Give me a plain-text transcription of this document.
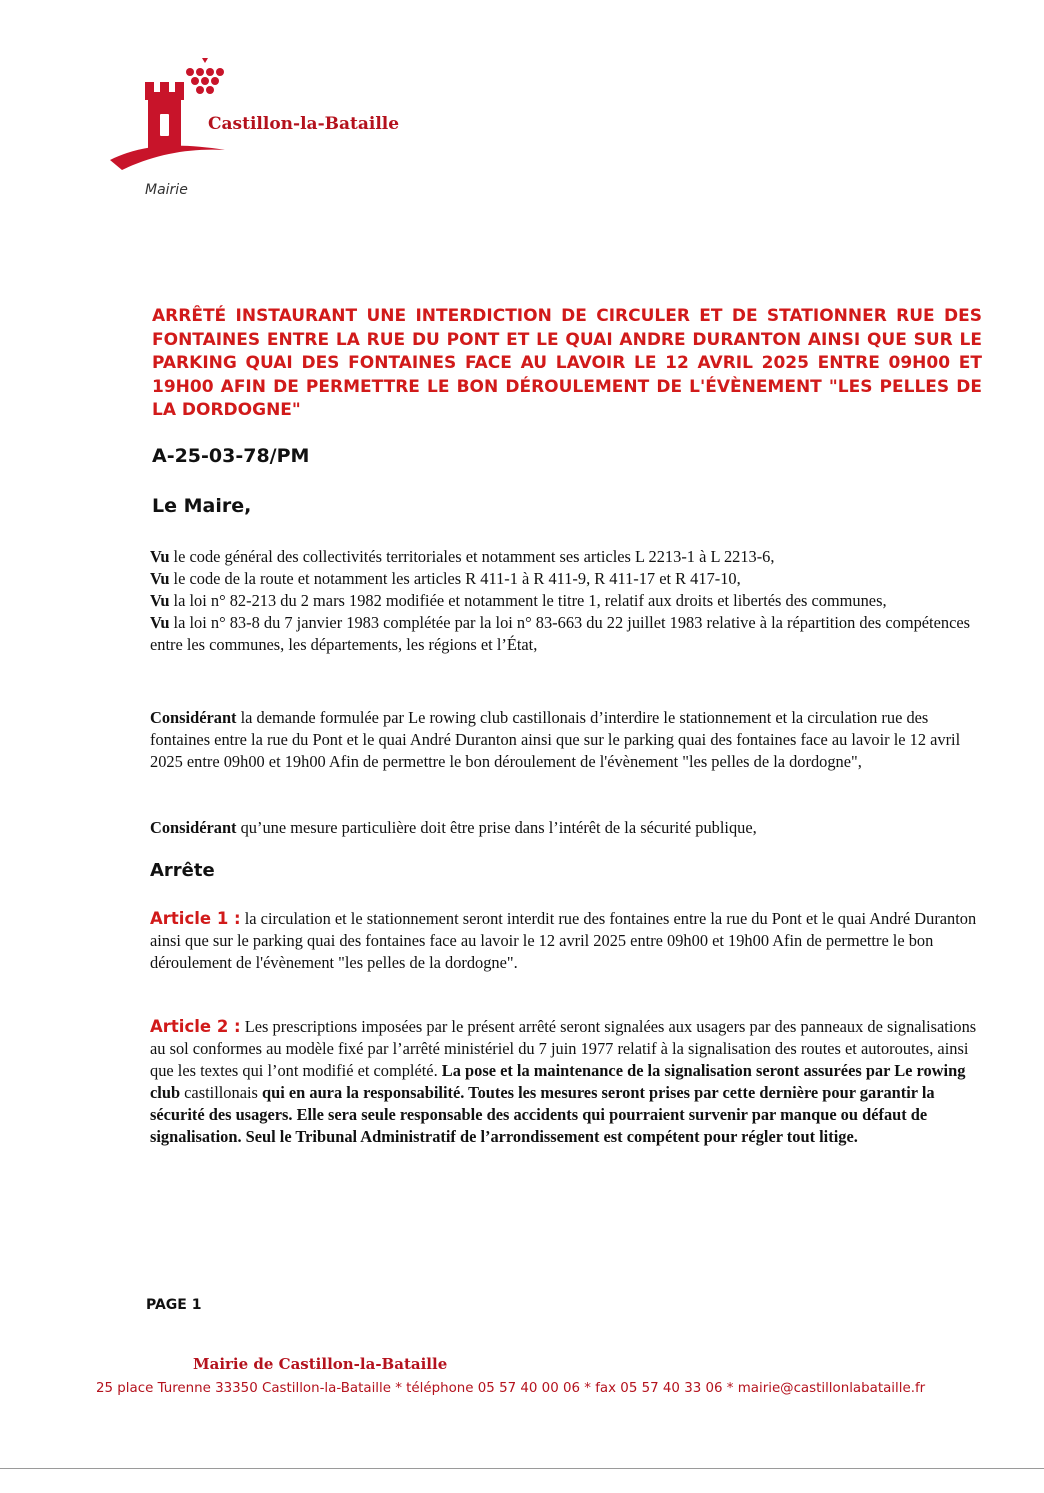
Castillon-la-Bataille
Mairie

ARRÊTÉ INSTAURANT UNE INTERDICTION DE CIRCULER ET DE STATIONNER RUE DES FONTAINES ENTRE LA RUE DU PONT ET LE QUAI ANDRE DURANTON AINSI QUE SUR LE PARKING QUAI DES FONTAINES FACE AU LAVOIR LE 12 AVRIL 2025 ENTRE 09H00 ET 19H00 AFIN DE PERMETTRE LE BON DÉROULEMENT DE L'ÉVÈNEMENT "LES PELLES DE LA DORDOGNE"

A-25-03-78/PM

Le Maire,

Vu le code général des collectivités territoriales et notamment ses articles L 2213-1 à L 2213-6,

Vu le code de la route et notamment les articles R 411-1 à R 411-9, R 411-17 et R 417-10,

Vu la loi n° 82-213 du 2 mars 1982 modifiée et notamment le titre 1, relatif aux droits et libertés des communes,

Vu la loi n° 83-8 du 7 janvier 1983 complétée par la loi n° 83-663 du 22 juillet 1983 relative à la répartition des compétences entre les communes, les départements, les régions et l’État,

Considérant la demande formulée par Le rowing club castillonais d’interdire le stationnement et la circulation rue des fontaines entre la rue du Pont et le quai André Duranton ainsi que sur le parking quai des fontaines face au lavoir le 12 avril 2025 entre 09h00 et 19h00 Afin de permettre le bon déroulement de l'évènement "les pelles de la dordogne",

Considérant qu’une mesure particulière doit être prise dans l’intérêt de la sécurité publique,

Arrête

Article 1 : la circulation et le stationnement seront interdit rue des fontaines entre la rue du Pont et le quai André Duranton ainsi que sur le parking quai des fontaines face au lavoir le 12 avril 2025 entre 09h00 et 19h00 Afin de permettre le bon déroulement de l'évènement "les pelles de la dordogne".

Article 2 : Les prescriptions imposées par le présent arrêté seront signalées aux usagers par des panneaux de signalisations au sol conformes au modèle fixé par l’arrêté ministériel du 7 juin 1977 relatif à la signalisation des routes et autoroutes, ainsi que les textes qui l’ont modifié et complété. La pose et la maintenance de la signalisation seront assurées par Le rowing club castillonais qui en aura la responsabilité. Toutes les mesures seront prises par cette dernière pour garantir la sécurité des usagers. Elle sera seule responsable des accidents qui pourraient survenir par manque ou défaut de signalisation. Seul le Tribunal Administratif de l’arrondissement est compétent pour régler tout litige.

PAGE 1

Mairie de Castillon-la-Bataille

25 place Turenne 33350 Castillon-la-Bataille * téléphone 05 57 40 00 06 * fax 05 57 40 33 06 * mairie@castillonlabataille.fr
